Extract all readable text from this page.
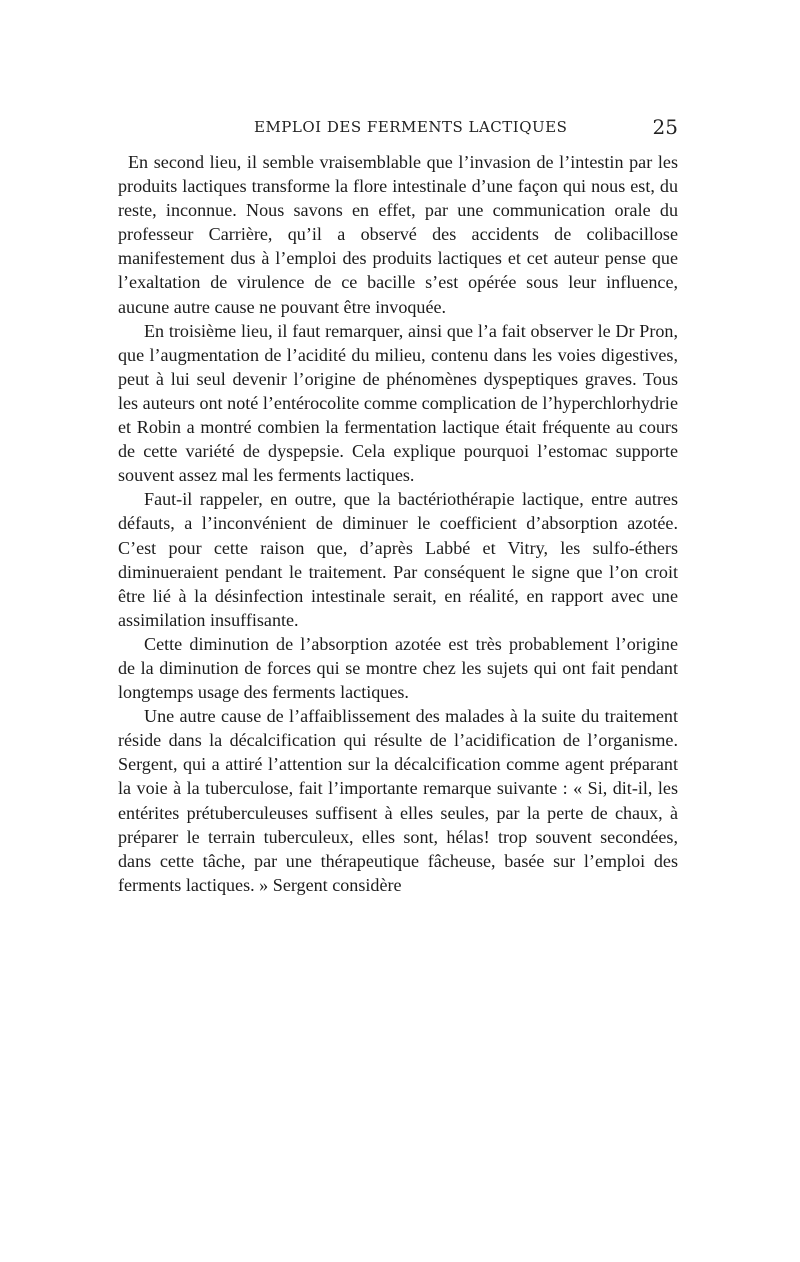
EMPLOI DES FERMENTS LACTIQUES	25

En second lieu, il semble vraisemblable que l’invasion de l’intestin par les produits lactiques transforme la flore intestinale d’une façon qui nous est, du reste, inconnue. Nous savons en effet, par une communication orale du professeur Carrière, qu’il a observé des accidents de colibacillose manifestement dus à l’emploi des produits lactiques et cet auteur pense que l’exaltation de virulence de ce bacille s’est opérée sous leur influence, aucune autre cause ne pouvant être invoquée.

En troisième lieu, il faut remarquer, ainsi que l’a fait observer le Dr Pron, que l’augmentation de l’acidité du milieu, contenu dans les voies digestives, peut à lui seul devenir l’origine de phénomènes dyspeptiques graves. Tous les auteurs ont noté l’entérocolite comme complication de l’hyperchlorhydrie et Robin a montré combien la fermentation lactique était fréquente au cours de cette variété de dyspepsie. Cela explique pourquoi l’estomac supporte souvent assez mal les ferments lactiques.

Faut-il rappeler, en outre, que la bactériothérapie lactique, entre autres défauts, a l’inconvénient de diminuer le coefficient d’absorption azotée. C’est pour cette raison que, d’après Labbé et Vitry, les sulfo-éthers diminueraient pendant le traitement. Par conséquent le signe que l’on croit être lié à la désinfection intestinale serait, en réalité, en rapport avec une assimilation insuffisante.

Cette diminution de l’absorption azotée est très probablement l’origine de la diminution de forces qui se montre chez les sujets qui ont fait pendant longtemps usage des ferments lactiques.

Une autre cause de l’affaiblissement des malades à la suite du traitement réside dans la décalcification qui résulte de l’acidification de l’organisme. Sergent, qui a attiré l’attention sur la décalcification comme agent préparant la voie à la tuberculose, fait l’importante remarque suivante : « Si, dit-il, les entérites prétuberculeuses suffisent à elles seules, par la perte de chaux, à préparer le terrain tuberculeux, elles sont, hélas! trop souvent secondées, dans cette tâche, par une thérapeutique fâcheuse, basée sur l’emploi des ferments lactiques. » Sergent considère
